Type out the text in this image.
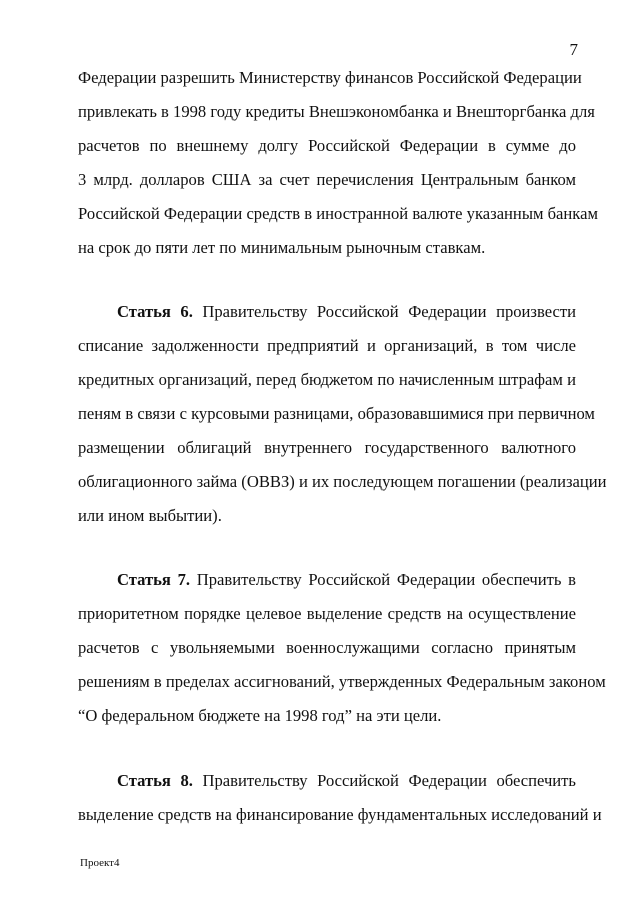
7
Федерации разрешить Министерству финансов Российской Федерации
привлекать в 1998 году кредиты Внешэкономбанка и Внешторгбанка для
расчетов по внешнему долгу Российской Федерации в сумме до
3 млрд. долларов США за счет перечисления Центральным банком
Российской Федерации средств в иностранной валюте указанным банкам
на срок до пяти лет по минимальным рыночным ставкам.
Статья 6. Правительству Российской Федерации произвести
списание задолженности предприятий и организаций, в том числе
кредитных организаций, перед бюджетом по начисленным штрафам и
пеням в связи с курсовыми разницами, образовавшимися при первичном
размещении облигаций внутреннего государственного валютного
облигационного займа (ОВВЗ) и их последующем погашении (реализации
или ином выбытии).
Статья 7. Правительству Российской Федерации обеспечить в
приоритетном порядке целевое выделение средств на осуществление
расчетов с увольняемыми военнослужащими согласно принятым
решениям в пределах ассигнований, утвержденных Федеральным законом
“О федеральном бюджете на 1998 год” на эти цели.
Статья 8. Правительству Российской Федерации обеспечить
выделение средств на финансирование фундаментальных исследований и
Проект4
